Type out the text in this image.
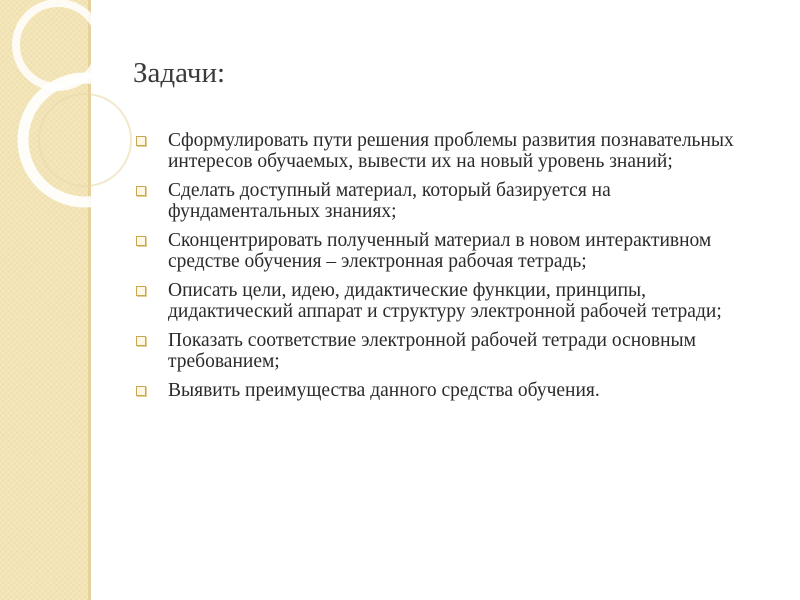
Задачи:
Сформулировать пути решения проблемы развития познавательных интересов обучаемых, вывести их на новый уровень знаний;
Сделать доступный материал, который базируется на фундаментальных знаниях;
Сконцентрировать полученный материал в новом интерактивном средстве обучения – электронная рабочая тетрадь;
Описать цели, идею, дидактические функции, принципы, дидактический аппарат и структуру электронной рабочей тетради;
Показать соответствие электронной рабочей тетради основным требованием;
Выявить преимущества данного средства обучения.
